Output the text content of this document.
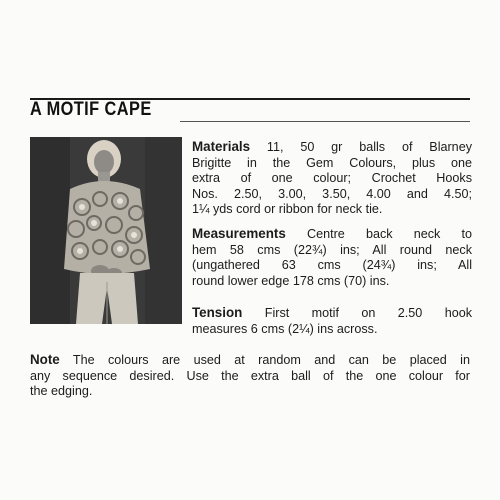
A MOTIF CAPE
Materials 11, 50 gr balls of Blarney
Brigitte in the Gem Colours, plus one
extra of one colour; Crochet Hooks
Nos. 2.50, 3.00, 3.50, 4.00 and 4.50;
1¼ yds cord or ribbon for neck tie.
Measurements Centre back neck to
hem 58 cms (22¾) ins; All round neck
(ungathered 63 cms (24¾) ins; All
round lower edge 178 cms (70) ins.
Tension First motif on 2.50 hook
measures 6 cms (2¼) ins across.
Note The colours are used at random and can be placed in
any sequence desired. Use the extra ball of the one colour for
the edging.
